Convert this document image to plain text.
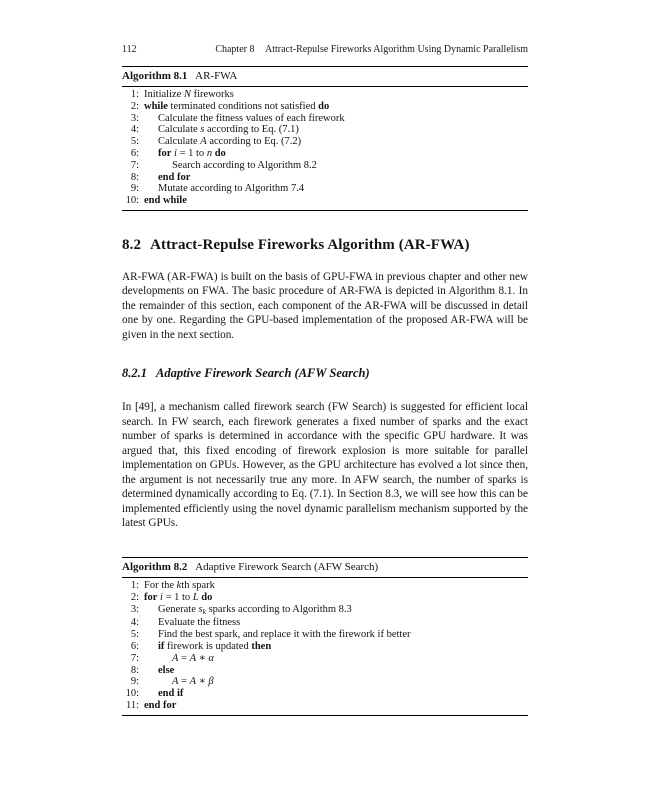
112	Chapter 8 Attract-Repulse Fireworks Algorithm Using Dynamic Parallelism
Algorithm 8.1 AR-FWA
1: Initialize N fireworks
2: while terminated conditions not satisfied do
3:	Calculate the fitness values of each firework
4:	Calculate s according to Eq. (7.1)
5:	Calculate A according to Eq. (7.2)
6:	for i = 1 to n do
7:	Search according to Algorithm 8.2
8:	end for
9:	Mutate according to Algorithm 7.4
10: end while
8.2 Attract-Repulse Fireworks Algorithm (AR-FWA)

AR-FWA (AR-FWA) is built on the basis of GPU-FWA in previous chapter and other new developments on FWA. The basic procedure of AR-FWA is depicted in Algorithm 8.1. In the remainder of this section, each component of the AR-FWA will be discussed in detail one by one. Regarding the GPU-based implementation of the proposed AR-FWA will be given in the next section.

8.2.1 Adaptive Firework Search (AFW Search)

In [49], a mechanism called firework search (FW Search) is suggested for efficient local search. In FW search, each firework generates a fixed number of sparks and the exact number of sparks is determined in accordance with the specific GPU hardware. It was argued that, this fixed encoding of firework explosion is more suitable for parallel implementation on GPUs. However, as the GPU architecture has evolved a lot since then, the argument is not necessarily true any more. In AFW search, the number of sparks is determined dynamically according to Eq. (7.1). In Section 8.3, we will see how this can be implemented efficiently using the novel dynamic parallelism mechanism supported by the latest GPUs.

Algorithm 8.2 Adaptive Firework Search (AFW Search)
1: For the kth spark
2: for i = 1 to L do
3:	Generate $s_k$ sparks according to Algorithm 8.3
4:	Evaluate the fitness
5:	Find the best spark, and replace it with the firework if better
6:	if firework is updated then
7:	A = A ∗ α
8:	else
9:	A = A ∗ β
10:	end if
11: end for
